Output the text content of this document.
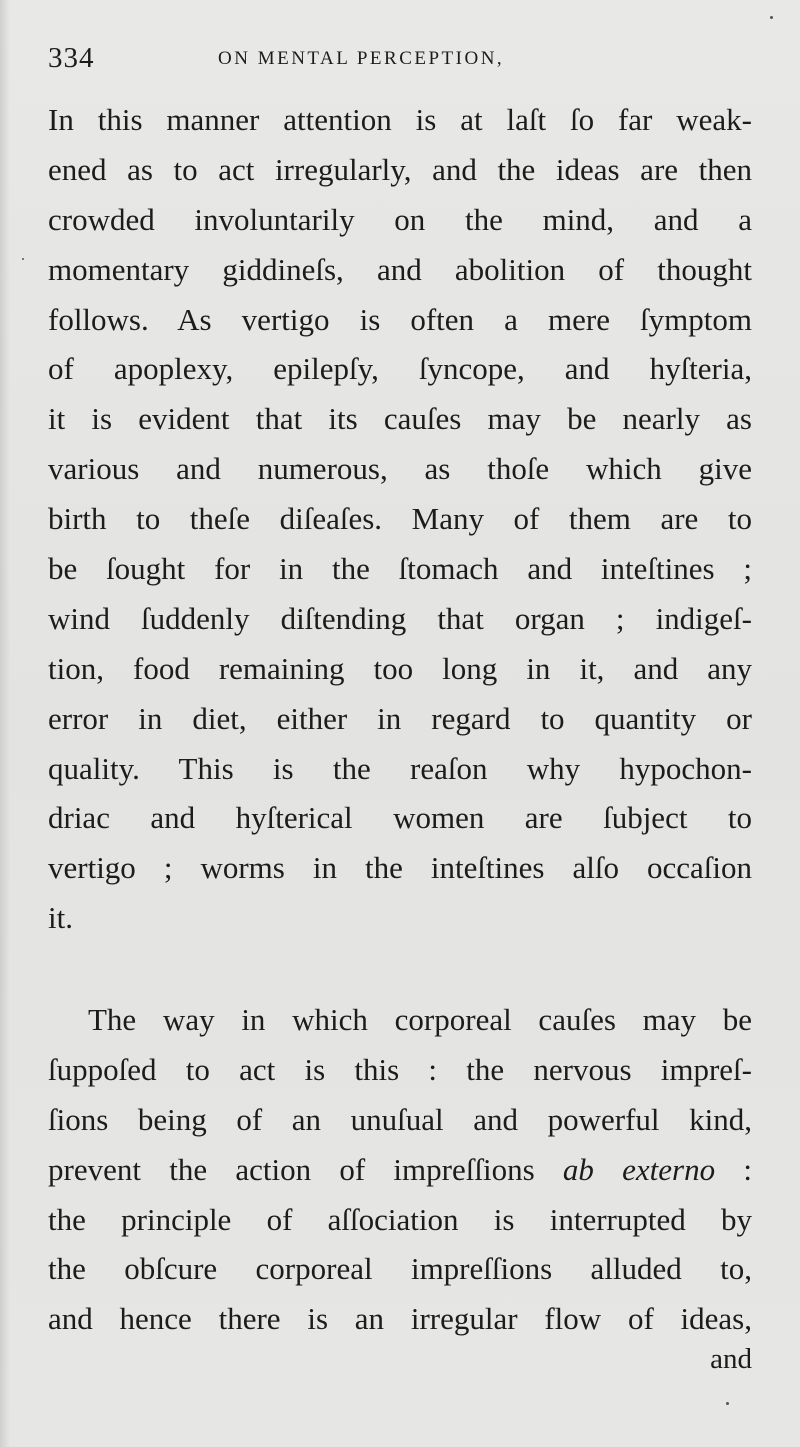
334	ON MENTAL PERCEPTION,
In this manner attention is at laſt ſo far weak-
ened as to act irregularly, and the ideas are then
crowded involuntarily on the mind, and a
momentary giddineſs, and abolition of thought
follows. As vertigo is often a mere ſymptom
of apoplexy, epilepſy, ſyncope, and hyſteria,
it is evident that its cauſes may be nearly as
various and numerous, as thoſe which give
birth to theſe diſeaſes. Many of them are to
be ſought for in the ſtomach and inteſtines ;
wind ſuddenly diſtending that organ ; indigeſ-
tion, food remaining too long in it, and any
error in diet, either in regard to quantity or
quality. This is the reaſon why hypochon-
driac and hyſterical women are ſubject to
vertigo ; worms in the inteſtines alſo occaſion
it.
The way in which corporeal cauſes may be
ſuppoſed to act is this : the nervous impreſ-
ſions being of an unuſual and powerful kind,
prevent the action of impreſſions ab externo :
the principle of aſſociation is interrupted by
the obſcure corporeal impreſſions alluded to,
and hence there is an irregular flow of ideas,
and
